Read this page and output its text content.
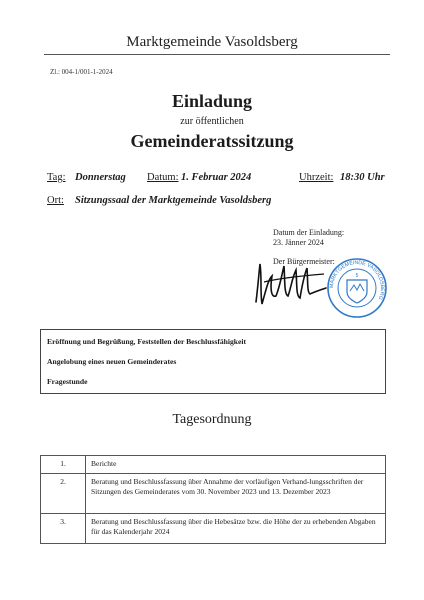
Marktgemeinde Vasoldsberg
Zl.: 004-1/001-1-2024
Einladung
zur öffentlichen
Gemeinderatssitzung
Tag: Donnerstag Datum: 1. Februar 2024	Uhrzeit: 18:30 Uhr
Ort: Sitzungssaal der Marktgemeinde Vasoldsberg
Datum der Einladung:
23. Jänner 2024
Der Bürgermeister:
MARKTGEMEINDE VASOLDSBERG
5
Eröffnung und Begrüßung, Feststellen der Beschlussfähigkeit
Angelobung eines neuen Gemeinderates
Fragestunde
Tagesordnung
1.	Berichte
2.	Beratung und Beschlussfassung über Annahme der vorläufigen Verhand-lungsschriften der Sitzungen des Gemeinderates vom 30. November 2023 und 13. Dezember 2023
3.	Beratung und Beschlussfassung über die Hebesätze bzw. die Höhe der zu erhebenden Abgaben für das Kalenderjahr 2024
